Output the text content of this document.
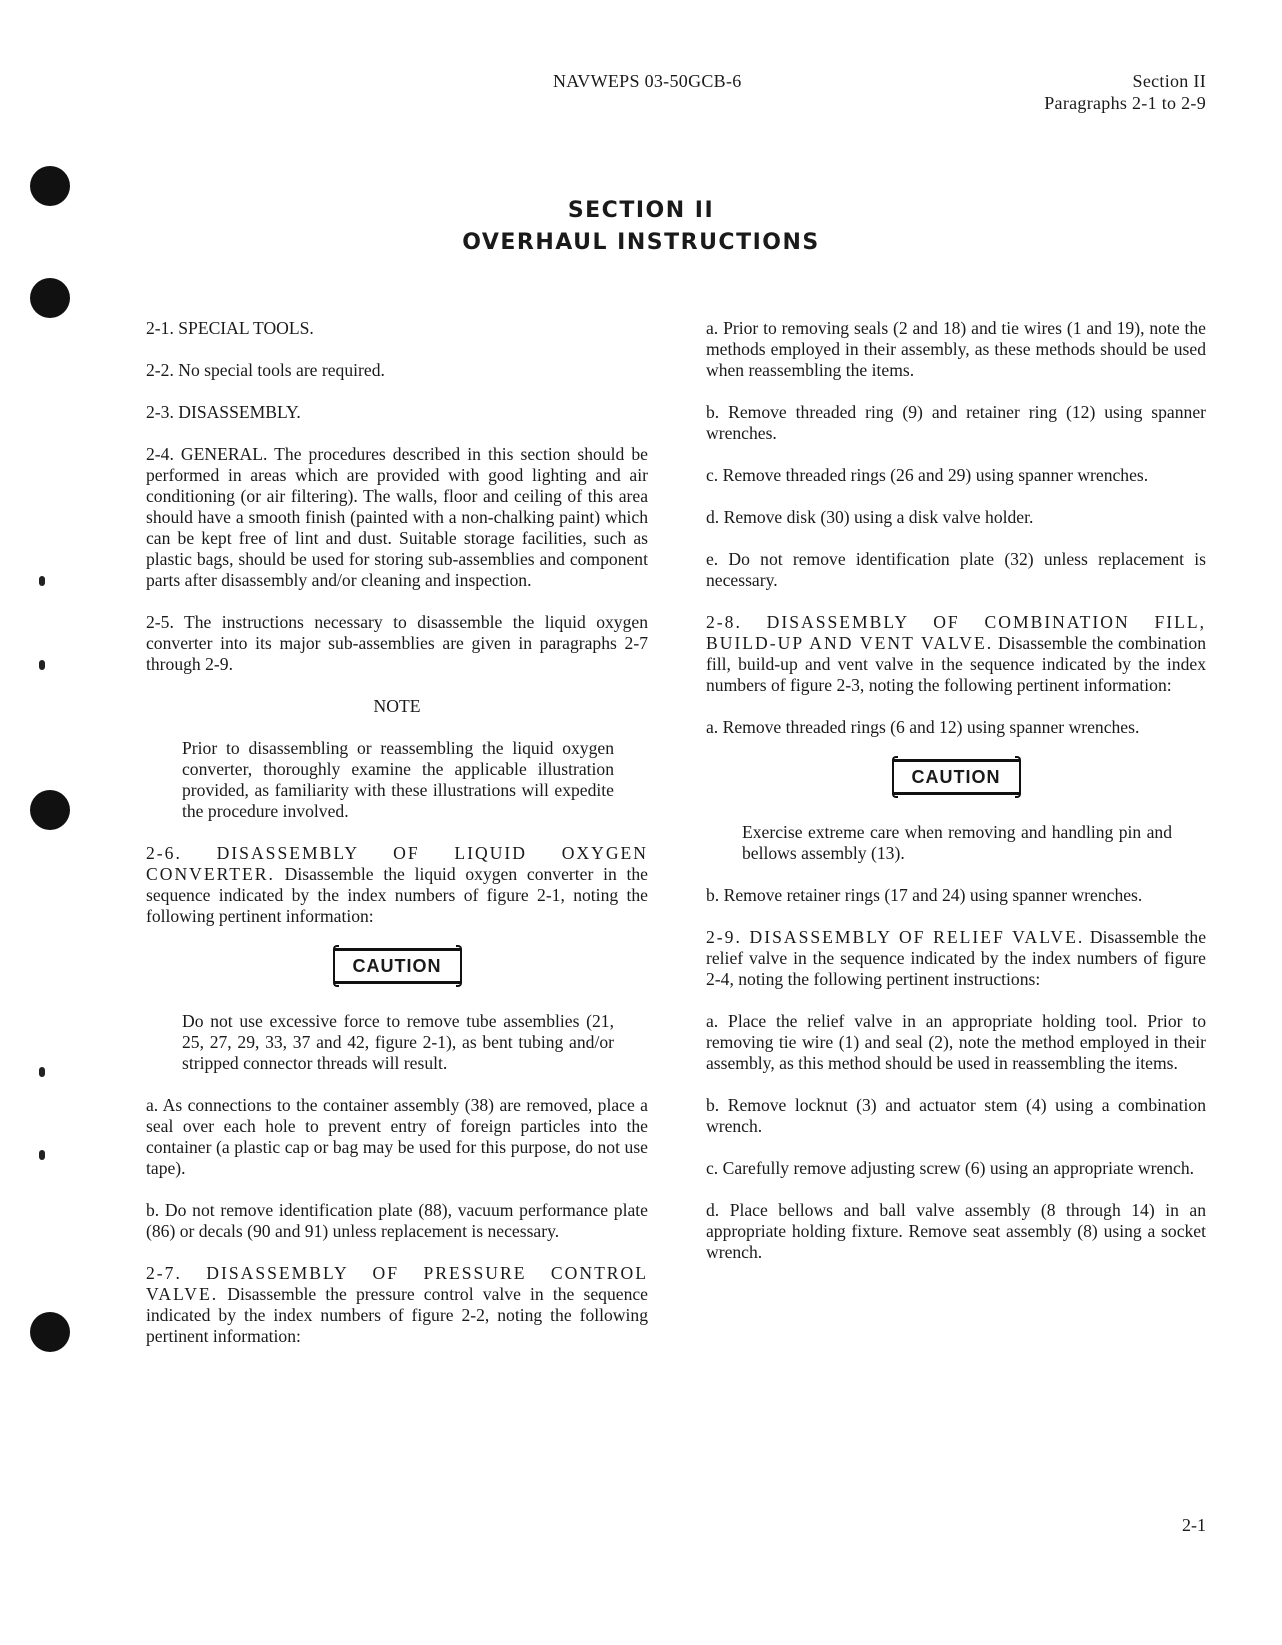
NAVWEPS 03-50GCB-6	Section II
Paragraphs 2-1 to 2-9
SECTION II
OVERHAUL INSTRUCTIONS

2-1. SPECIAL TOOLS.

2-2. No special tools are required.

2-3. DISASSEMBLY.

2-4. GENERAL. The procedures described in this section should be performed in areas which are provided with good lighting and air conditioning (or air filtering). The walls, floor and ceiling of this area should have a smooth finish (painted with a non-chalking paint) which can be kept free of lint and dust. Suitable storage facilities, such as plastic bags, should be used for storing sub-assemblies and component parts after disassembly and/or cleaning and inspection.

2-5. The instructions necessary to disassemble the liquid oxygen converter into its major sub-assemblies are given in paragraphs 2-7 through 2-9.

NOTE

Prior to disassembling or reassembling the liquid oxygen converter, thoroughly examine the applicable illustration provided, as familiarity with these illustrations will expedite the procedure involved.

2-6. DISASSEMBLY OF LIQUID OXYGEN CONVERTER. Disassemble the liquid oxygen converter in the sequence indicated by the index numbers of figure 2-1, noting the following pertinent information:

CAUTION

Do not use excessive force to remove tube assemblies (21, 25, 27, 29, 33, 37 and 42, figure 2-1), as bent tubing and/or stripped connector threads will result.

a. As connections to the container assembly (38) are removed, place a seal over each hole to prevent entry of foreign particles into the container (a plastic cap or bag may be used for this purpose, do not use tape).

b. Do not remove identification plate (88), vacuum performance plate (86) or decals (90 and 91) unless replacement is necessary.

2-7. DISASSEMBLY OF PRESSURE CONTROL VALVE. Disassemble the pressure control valve in the sequence indicated by the index numbers of figure 2-2, noting the following pertinent information:

a. Prior to removing seals (2 and 18) and tie wires (1 and 19), note the methods employed in their assembly, as these methods should be used when reassembling the items.

b. Remove threaded ring (9) and retainer ring (12) using spanner wrenches.

c. Remove threaded rings (26 and 29) using spanner wrenches.

d. Remove disk (30) using a disk valve holder.

e. Do not remove identification plate (32) unless replacement is necessary.

2-8. DISASSEMBLY OF COMBINATION FILL, BUILD-UP AND VENT VALVE. Disassemble the combination fill, build-up and vent valve in the sequence indicated by the index numbers of figure 2-3, noting the following pertinent information:

a. Remove threaded rings (6 and 12) using spanner wrenches.

CAUTION

Exercise extreme care when removing and handling pin and bellows assembly (13).

b. Remove retainer rings (17 and 24) using spanner wrenches.

2-9. DISASSEMBLY OF RELIEF VALVE. Disassemble the relief valve in the sequence indicated by the index numbers of figure 2-4, noting the following pertinent instructions:

a. Place the relief valve in an appropriate holding tool. Prior to removing tie wire (1) and seal (2), note the method employed in their assembly, as this method should be used in reassembling the items.

b. Remove locknut (3) and actuator stem (4) using a combination wrench.

c. Carefully remove adjusting screw (6) using an appropriate wrench.

d. Place bellows and ball valve assembly (8 through 14) in an appropriate holding fixture. Remove seat assembly (8) using a socket wrench.

2-1
